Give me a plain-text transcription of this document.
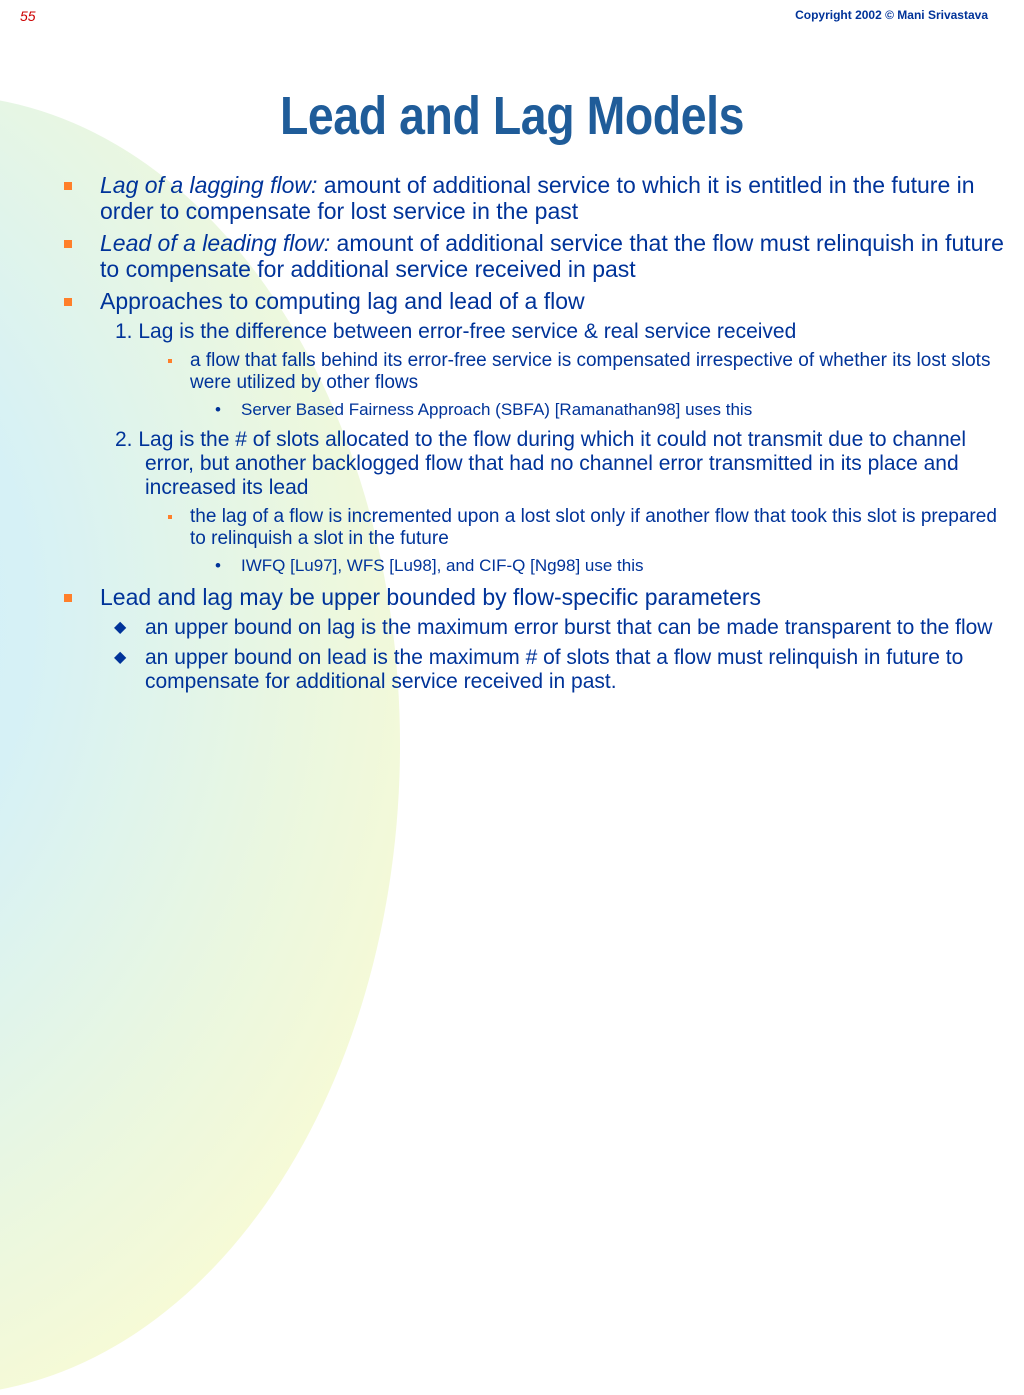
55	Copyright 2002 © Mani Srivastava
Lead and Lag Models
Lag of a lagging flow: amount of additional service to which it is entitled in the future in order to compensate for lost service in the past
Lead of a leading flow: amount of additional service that the flow must relinquish in future to compensate for additional service received in past
Approaches to computing lag and lead of a flow
1. Lag is the difference between error-free service & real service received
a flow that falls behind its error-free service is compensated irrespective of whether its lost slots were utilized by other flows
• Server Based Fairness Approach (SBFA) [Ramanathan98] uses this
2. Lag is the # of slots allocated to the flow during which it could not transmit due to channel error, but another backlogged flow that had no channel error transmitted in its place and increased its lead
the lag of a flow is incremented upon a lost slot only if another flow that took this slot is prepared to relinquish a slot in the future
• IWFQ [Lu97], WFS [Lu98], and CIF-Q [Ng98] use this
Lead and lag may be upper bounded by flow-specific parameters
◆ an upper bound on lag is the maximum error burst that can be made transparent to the flow
◆ an upper bound on lead is the maximum # of slots that a flow must relinquish in future to compensate for additional service received in past.
